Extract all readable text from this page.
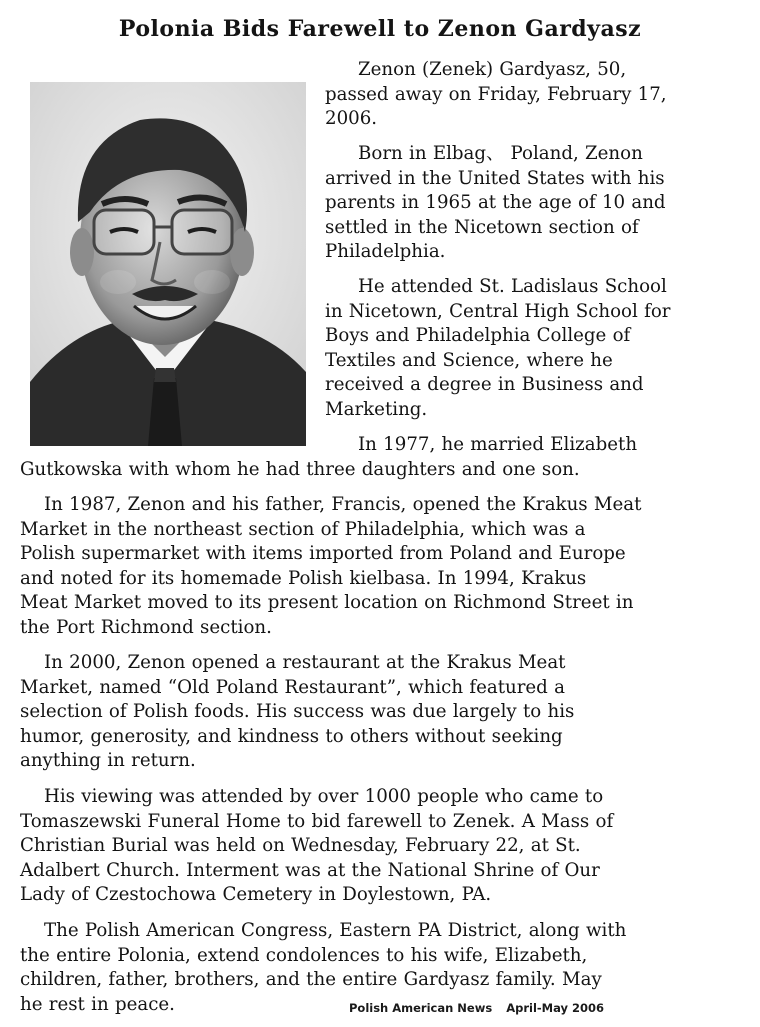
Polonia Bids Farewell to Zenon Gardyasz
Zenon (Zenek) Gardyasz, 50,
passed away on Friday, February 17,
2006.
Born in Elbag、 Poland, Zenon
arrived in the United States with his
parents in 1965 at the age of 10 and
settled in the Nicetown section of
Philadelphia.
He attended St. Ladislaus School
in Nicetown, Central High School for
Boys and Philadelphia College of
Textiles and Science, where he
received a degree in Business and
Marketing.
In 1977, he married Elizabeth
Gutkowska with whom he had three daughters and one son.
In 1987, Zenon and his father, Francis, opened the Krakus Meat
Market in the northeast section of Philadelphia, which was a
Polish supermarket with items imported from Poland and Europe
and noted for its homemade Polish kielbasa. In 1994, Krakus
Meat Market moved to its present location on Richmond Street in
the Port Richmond section.
In 2000, Zenon opened a restaurant at the Krakus Meat
Market, named “Old Poland Restaurant”, which featured a
selection of Polish foods. His success was due largely to his
humor, generosity, and kindness to others without seeking
anything in return.
His viewing was attended by over 1000 people who came to
Tomaszewski Funeral Home to bid farewell to Zenek. A Mass of
Christian Burial was held on Wednesday, February 22, at St.
Adalbert Church. Interment was at the National Shrine of Our
Lady of Czestochowa Cemetery in Doylestown, PA.
The Polish American Congress, Eastern PA District, along with
the entire Polonia, extend condolences to his wife, Elizabeth,
children, father, brothers, and the entire Gardyasz family. May
he rest in peace.	Polish American News April-May 2006
